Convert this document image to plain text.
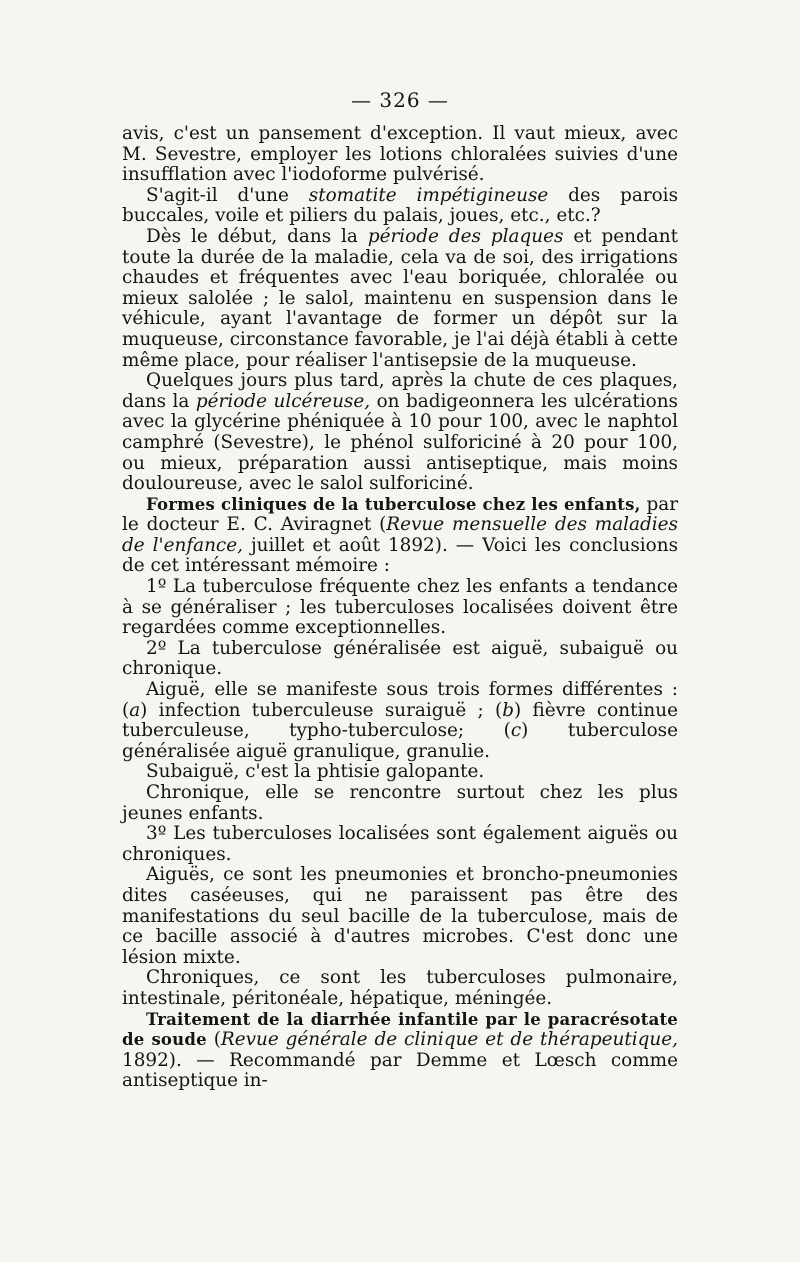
— 326 —

avis, c'est un pansement d'exception. Il vaut mieux, avec M. Sevestre, employer les lotions chloralées suivies d'une insufflation avec l'iodoforme pulvérisé.

S'agit-il d'une stomatite impétigineuse des parois buccales, voile et piliers du palais, joues, etc., etc.?

Dès le début, dans la période des plaques et pendant toute la durée de la maladie, cela va de soi, des irrigations chaudes et fréquentes avec l'eau boriquée, chloralée ou mieux salolée ; le salol, maintenu en suspension dans le véhicule, ayant l'avantage de former un dépôt sur la muqueuse, circonstance favorable, je l'ai déjà établi à cette même place, pour réaliser l'antisepsie de la muqueuse.

Quelques jours plus tard, après la chute de ces plaques, dans la période ulcéreuse, on badigeonnera les ulcérations avec la glycérine phéniquée à 10 pour 100, avec le naphtol camphré (Sevestre), le phénol sulforiciné à 20 pour 100, ou mieux, préparation aussi antiseptique, mais moins douloureuse, avec le salol sulforiciné.

Formes cliniques de la tuberculose chez les enfants, par le docteur E. C. Aviragnet (Revue mensuelle des maladies de l'enfance, juillet et août 1892). — Voici les conclusions de cet intéressant mémoire :

1º La tuberculose fréquente chez les enfants a tendance à se généraliser ; les tuberculoses localisées doivent être regardées comme exceptionnelles.

2º La tuberculose généralisée est aiguë, subaiguë ou chronique.

Aiguë, elle se manifeste sous trois formes différentes : (a) infection tuberculeuse suraiguë ; (b) fièvre continue tuberculeuse, typho-tuberculose; (c) tuberculose généralisée aiguë granulique, granulie.

Subaiguë, c'est la phtisie galopante.

Chronique, elle se rencontre surtout chez les plus jeunes enfants.

3º Les tuberculoses localisées sont également aiguës ou chroniques.

Aiguës, ce sont les pneumonies et broncho-pneumonies dites caséeuses, qui ne paraissent pas être des manifestations du seul bacille de la tuberculose, mais de ce bacille associé à d'autres microbes. C'est donc une lésion mixte.

Chroniques, ce sont les tuberculoses pulmonaire, intestinale, péritonéale, hépatique, méningée.

Traitement de la diarrhée infantile par le paracrésotate de soude (Revue générale de clinique et de thérapeutique, 1892). — Recommandé par Demme et Lœsch comme antiseptique in-
